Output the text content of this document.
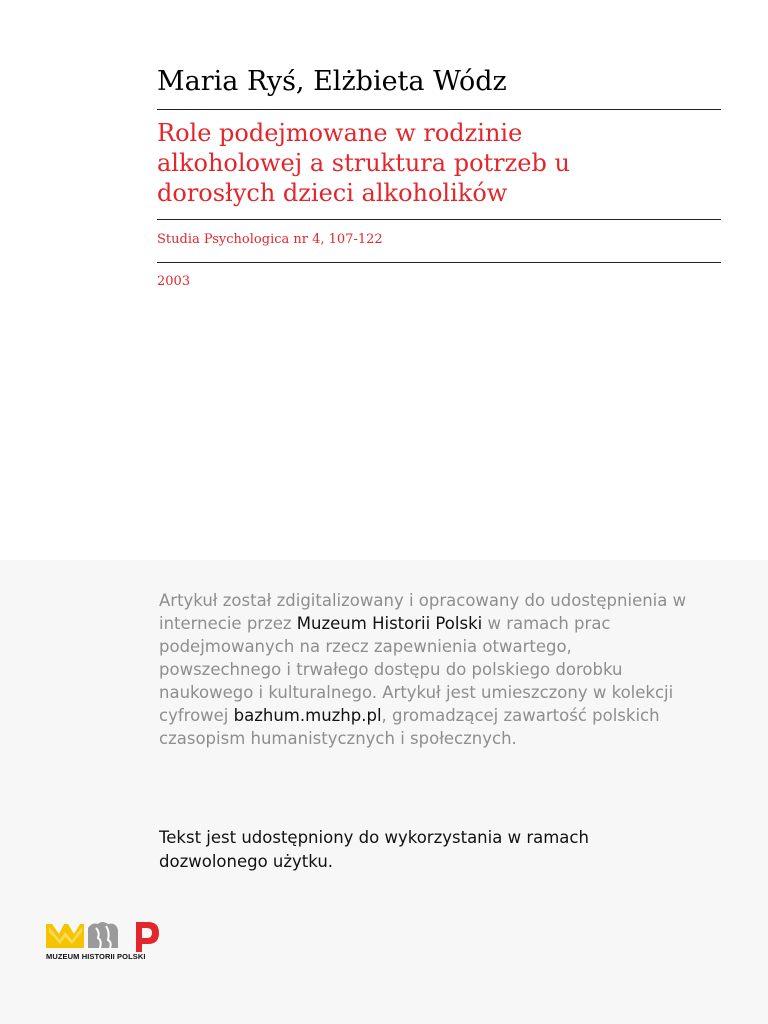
Maria Ryś, Elżbieta Wódz
Role podejmowane w rodzinie
alkoholowej a struktura potrzeb u
dorosłych dzieci alkoholików
Studia Psychologica nr 4, 107-122
2003
Artykuł został zdigitalizowany i opracowany do udostępnienia w internecie przez Muzeum Historii Polski w ramach prac podejmowanych na rzecz zapewnienia otwartego, powszechnego i trwałego dostępu do polskiego dorobku naukowego i kulturalnego. Artykuł jest umieszczony w kolekcji cyfrowej bazhum.muzhp.pl, gromadzącej zawartość polskich czasopism humanistycznych i społecznych.
Tekst jest udostępniony do wykorzystania w ramach dozwolonego użytku.
MUZEUM HISTORII POLSKI
